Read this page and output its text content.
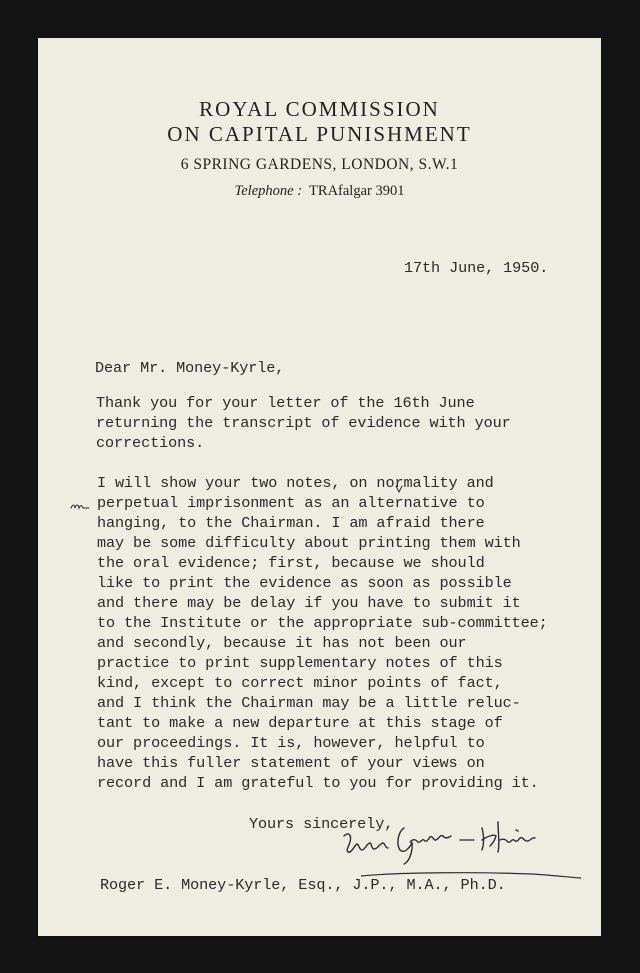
ROYAL COMMISSION
ON CAPITAL PUNISHMENT
6 SPRING GARDENS, LONDON, S.W.1
Telephone : TRAfalgar 3901
17th June, 1950.
Dear Mr. Money-Kyrle,
Thank you for your letter of the 16th June
returning the transcript of evidence with your
corrections.
I will show your two notes, on normality and
perpetual imprisonment as an alternative to
hanging, to the Chairman. I am afraid there
may be some difficulty about printing them with
the oral evidence; first, because we should
like to print the evidence as soon as possible
and there may be delay if you have to submit it
to the Institute or the appropriate sub-committee;
and secondly, because it has not been our
practice to print supplementary notes of this
kind, except to correct minor points of fact,
and I think the Chairman may be a little reluc-
tant to make a new departure at this stage of
our proceedings. It is, however, helpful to
have this fuller statement of your views on
record and I am grateful to you for providing it.
Yours sincerely,
Roger E. Money-Kyrle, Esq., J.P., M.A., Ph.D.
